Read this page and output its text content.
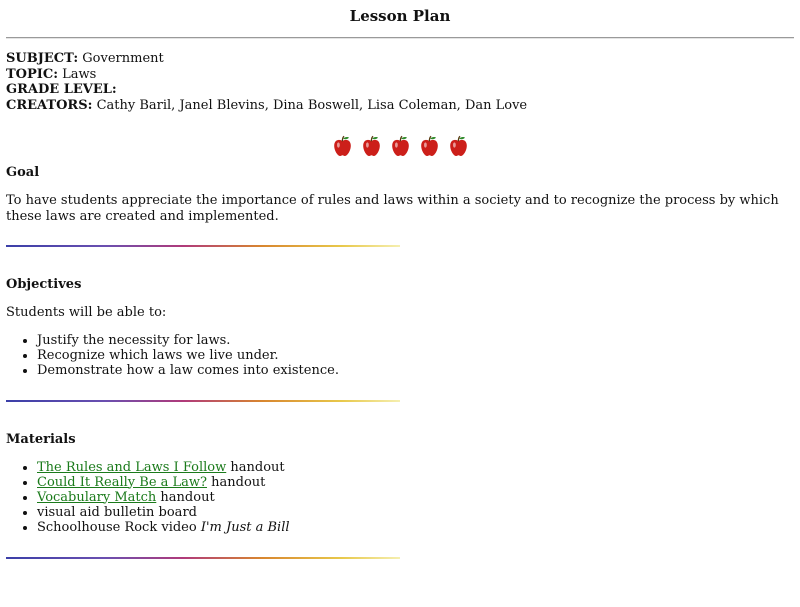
Lesson Plan
SUBJECT: Government
TOPIC: Laws
GRADE LEVEL:
CREATORS: Cathy Baril, Janel Blevins, Dina Boswell, Lisa Coleman, Dan Love
Goal

To have students appreciate the importance of rules and laws within a society and to recognize the process by which these laws are created and implemented.

Objectives

Students will be able to:

• Justify the necessity for laws.
• Recognize which laws we live under.
• Demonstrate how a law comes into existence.
Materials
• The Rules and Laws I Follow handout
• Could It Really Be a Law? handout
• Vocabulary Match handout
• visual aid bulletin board
• Schoolhouse Rock video I'm Just a Bill
